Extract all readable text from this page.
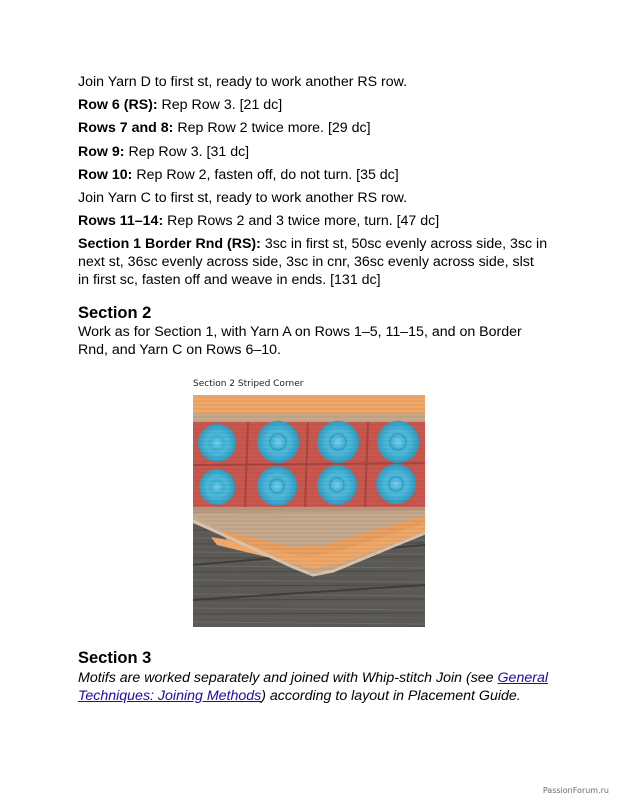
Join Yarn D to first st, ready to work another RS row.

Row 6 (RS): Rep Row 3. [21 dc]

Rows 7 and 8: Rep Row 2 twice more. [29 dc]

Row 9: Rep Row 3. [31 dc]

Row 10: Rep Row 2, fasten off, do not turn. [35 dc]

Join Yarn C to first st, ready to work another RS row.

Rows 11–14: Rep Rows 2 and 3 twice more, turn. [47 dc]

Section 1 Border Rnd (RS): 3sc in first st, 50sc evenly across side, 3sc in next st, 36sc evenly across side, 3sc in cnr, 36sc evenly across side, slst in first sc, fasten off and weave in ends. [131 dc]

Section 2

Work as for Section 1, with Yarn A on Rows 1–5, 11–15, and on Border Rnd, and Yarn C on Rows 6–10.

Section 2 Striped Corner
Section 3

Motifs are worked separately and joined with Whip-stitch Join (see General Techniques: Joining Methods) according to layout in Placement Guide.

PassionForum.ru
